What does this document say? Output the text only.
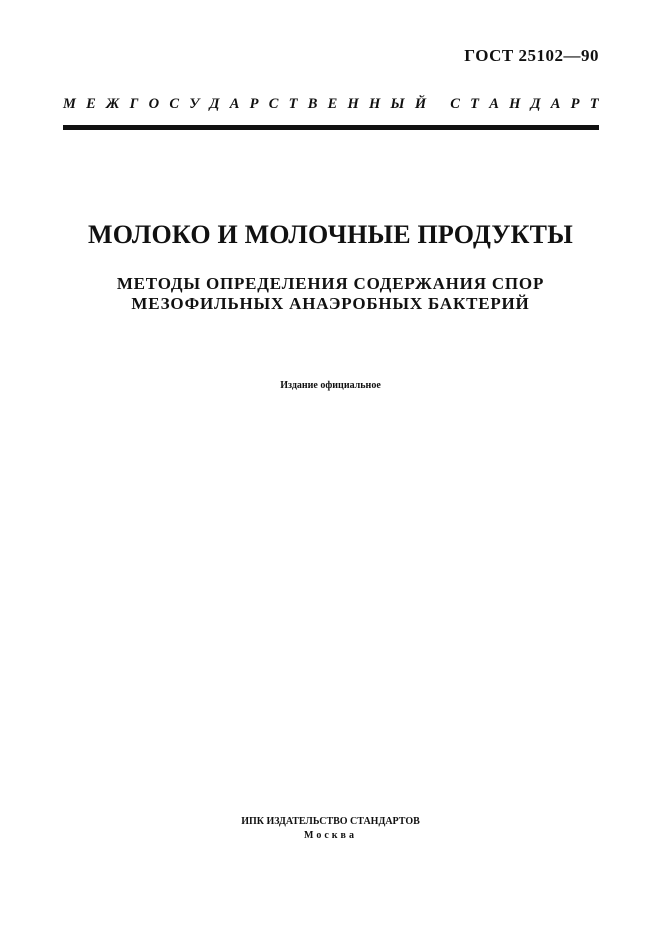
ГОСТ 25102—90
М Е Ж Г О С У Д А Р С Т В Е Н Н Ы Й
С Т А Н Д А Р Т
МОЛОКО И МОЛОЧНЫЕ ПРОДУКТЫ
МЕТОДЫ ОПРЕДЕЛЕНИЯ СОДЕРЖАНИЯ СПОР
МЕЗОФИЛЬНЫХ АНАЭРОБНЫХ БАКТЕРИЙ
Издание официальное
ИПК ИЗДАТЕЛЬСТВО СТАНДАРТОВ
Москва
